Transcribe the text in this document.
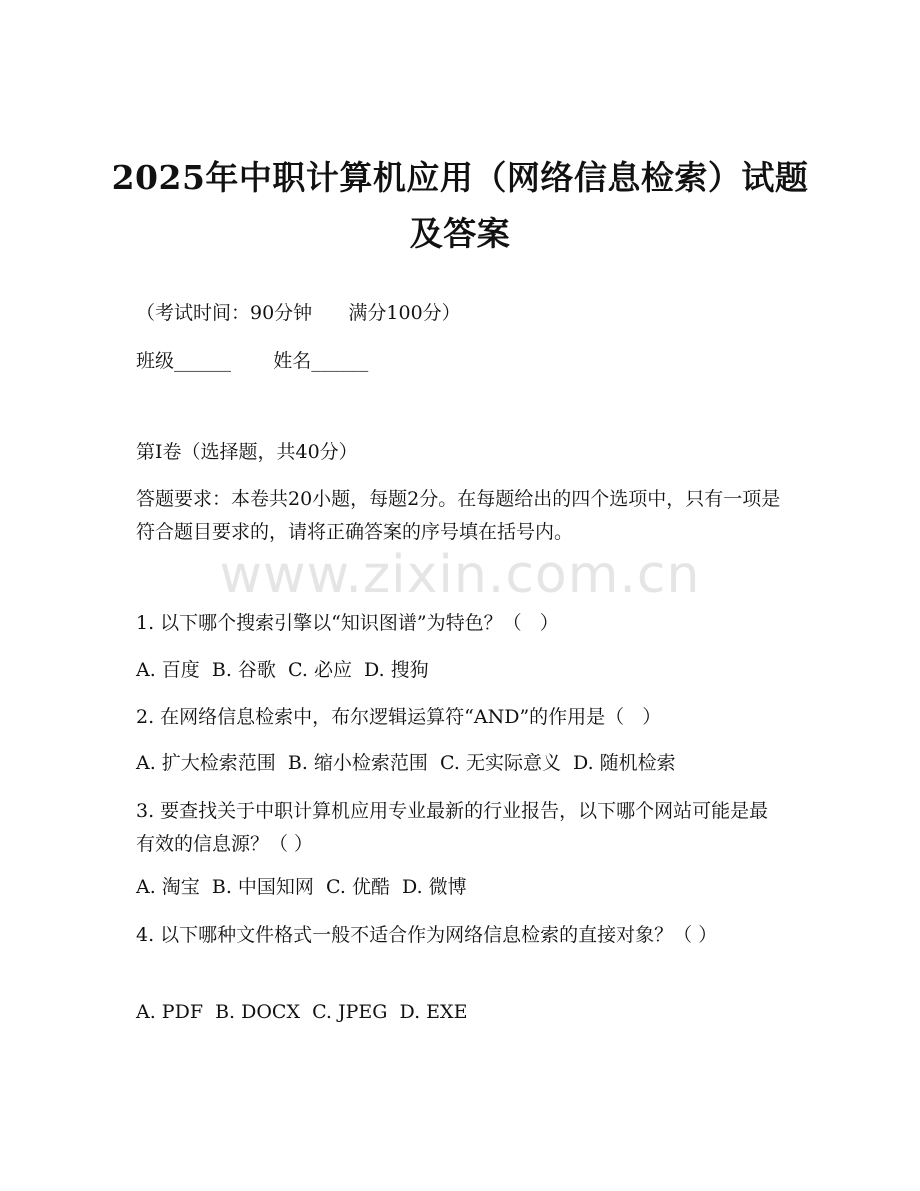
2025年中职计算机应用（网络信息检索）试题及答案

（考试时间：90分钟      满分100分）

班级______       姓名______

第I卷（选择题，共40分）

答题要求：本卷共20小题，每题2分。在每题给出的四个选项中，只有一项是符合题目要求的，请将正确答案的序号填在括号内。

www.zixin.com.cn

1. 以下哪个搜索引擎以“知识图谱”为特色？（   ）

A. 百度  B. 谷歌  C. 必应  D. 搜狗

2. 在网络信息检索中，布尔逻辑运算符“AND”的作用是（   ）

A. 扩大检索范围  B. 缩小检索范围  C. 无实际意义  D. 随机检索

3. 要查找关于中职计算机应用专业最新的行业报告，以下哪个网站可能是最有效的信息源？（ ）

A. 淘宝  B. 中国知网  C. 优酷  D. 微博

4. 以下哪种文件格式一般不适合作为网络信息检索的直接对象？（ ）

A. PDF  B. DOCX  C. JPEG  D. EXE
